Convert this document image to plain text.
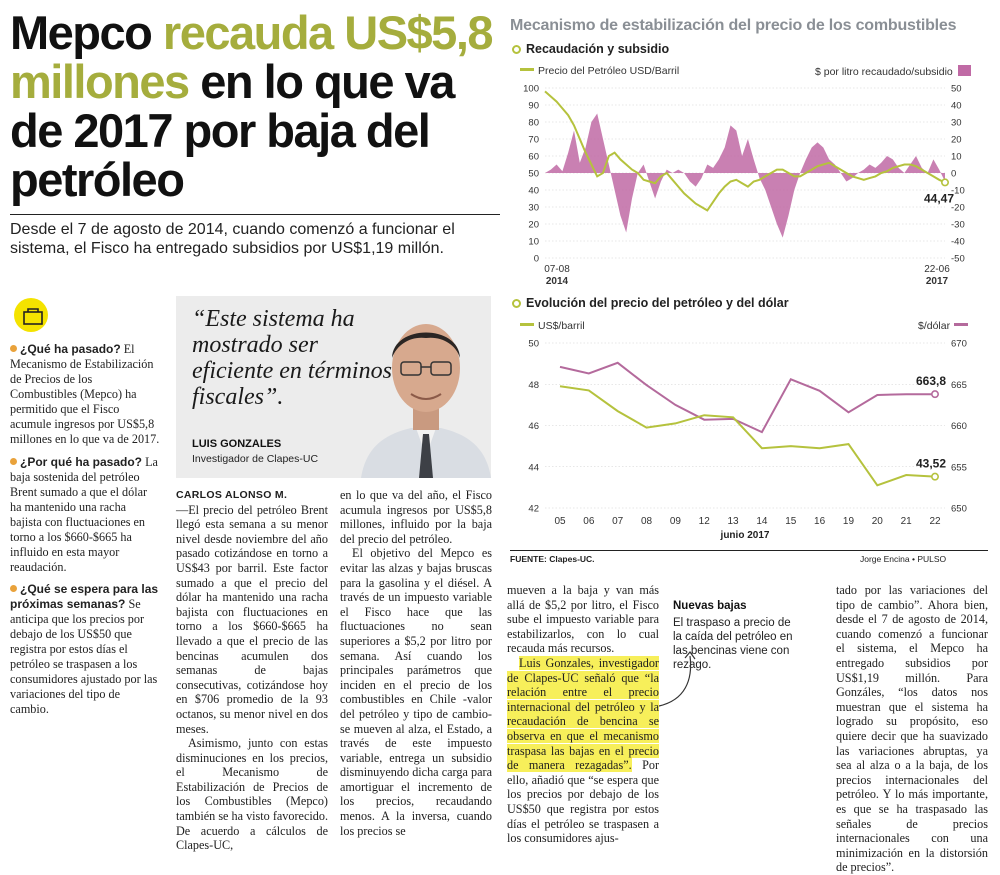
Mepco recauda US$5,8 millones en lo que va de 2017 por baja del petróleo
Desde el 7 de agosto de 2014, cuando comenzó a funcionar el sistema, el Fisco ha entregado subsidios por US$1,19 millón.
¿Qué ha pasado? El Mecanismo de Estabilización de Precios de los Combustibles (Mepco) ha permitido que el Fisco acumule ingresos por US$5,8 millones en lo que va de 2017.
¿Por qué ha pasado? La baja sostenida del petróleo Brent sumado a que el dólar ha mantenido una racha bajista con fluctuaciones en torno a los $660-$665 ha influido en esta mayor reaudación.
¿Qué se espera para las próximas semanas? Se anticipa que los precios por debajo de los US$50 que registra por estos días el petróleo se traspasen a los consumidores ajustado por las variaciones del tipo de cambio.
“Este sistema ha mostrado ser eficiente en términos fiscales”.
LUIS GONZALES
Investigador de Clapes-UC
CARLOS ALONSO M.

—El precio del petróleo Brent llegó esta semana a su menor nivel desde noviembre del año pasado cotizándose en torno a US$43 por barril. Este factor sumado a que el precio del dólar ha mantenido una racha bajista con fluctuaciones en torno a los $660-$665 ha llevado a que el precio de las bencinas acumulen dos semanas de bajas consecutivas, cotizándose hoy en $706 promedio de la 93 octanos, su menor nivel en dos meses.

Asimismo, junto con estas disminuciones en los precios, el Mecanismo de Estabilización de Precios de los Combustibles (Mepco) también se ha visto favorecido. De acuerdo a cálculos de Clapes-UC,

en lo que va del año, el Fisco acumula ingresos por US$5,8 millones, influido por la baja del precio del petróleo.

El objetivo del Mepco es evitar las alzas y bajas bruscas para la gasolina y el diésel. A través de un impuesto variable el Fisco hace que las fluctuaciones no sean superiores a $5,2 por litro por semana. Así cuando los principales parámetros que inciden en el precio de los combustibles en Chile -valor del petróleo y tipo de cambio-se mueven al alza, el Estado, a través de este impuesto variable, entrega un subsidio disminuyendo dicha carga para amortiguar el incremento de los precios, recaudando menos. A la inversa, cuando los precios se

mueven a la baja y van más allá de $5,2 por litro, el Fisco sube el impuesto variable para estabilizarlos, con lo cual recauda más recursos.

Luis Gonzales, investigador de Clapes-UC señaló que “la relación entre el precio internacional del petróleo y la recaudación de bencina se observa en que el mecanismo traspasa las bajas en el precio de manera rezagadas”. Por ello, añadió que “se espera que los precios por debajo de los US$50 que registra por estos días el petróleo se traspasen a los consumidores ajus-

tado por las variaciones del tipo de cambio”. Ahora bien, desde el 7 de agosto de 2014, cuando comenzó a funcionar el sistema, el Mepco ha entregado subsidios por US$1,19 millón. Para Gonzáles, “los datos nos muestran que el sistema ha logrado su propósito, eso quiere decir que ha suavizado las variaciones abruptas, ya sea al alza o a la baja, de los precios internacionales del petróleo. Y lo más importante, es que se ha traspasado las señales de precios internacionales con una minimización en la distorsión de precios”.

Nuevas bajas
El traspaso a precio de la caída del petróleo en las bencinas viene con rezago.
Mecanismo de estabilización del precio de los combustibles
Recaudación y subsidio
Precio del Petróleo USD/Barril	$ por litro recaudado/subsidio
100
90
80
70
60
50
40
30
20
10
0
50
40
30
20
10
0
-10
-20
-30
-40
-50
44,47
07-08
2014
22-06
2017
Evolución del precio del petróleo y del dólar
US$/barril	$/dólar
50
48
46
44
42
670
665
660
655
650
05 06 07 08 09 12 13 14 15 16 19 20 21 22
junio 2017
663,8
43,52
FUENTE: Clapes-UC.	Jorge Encina • PULSO
